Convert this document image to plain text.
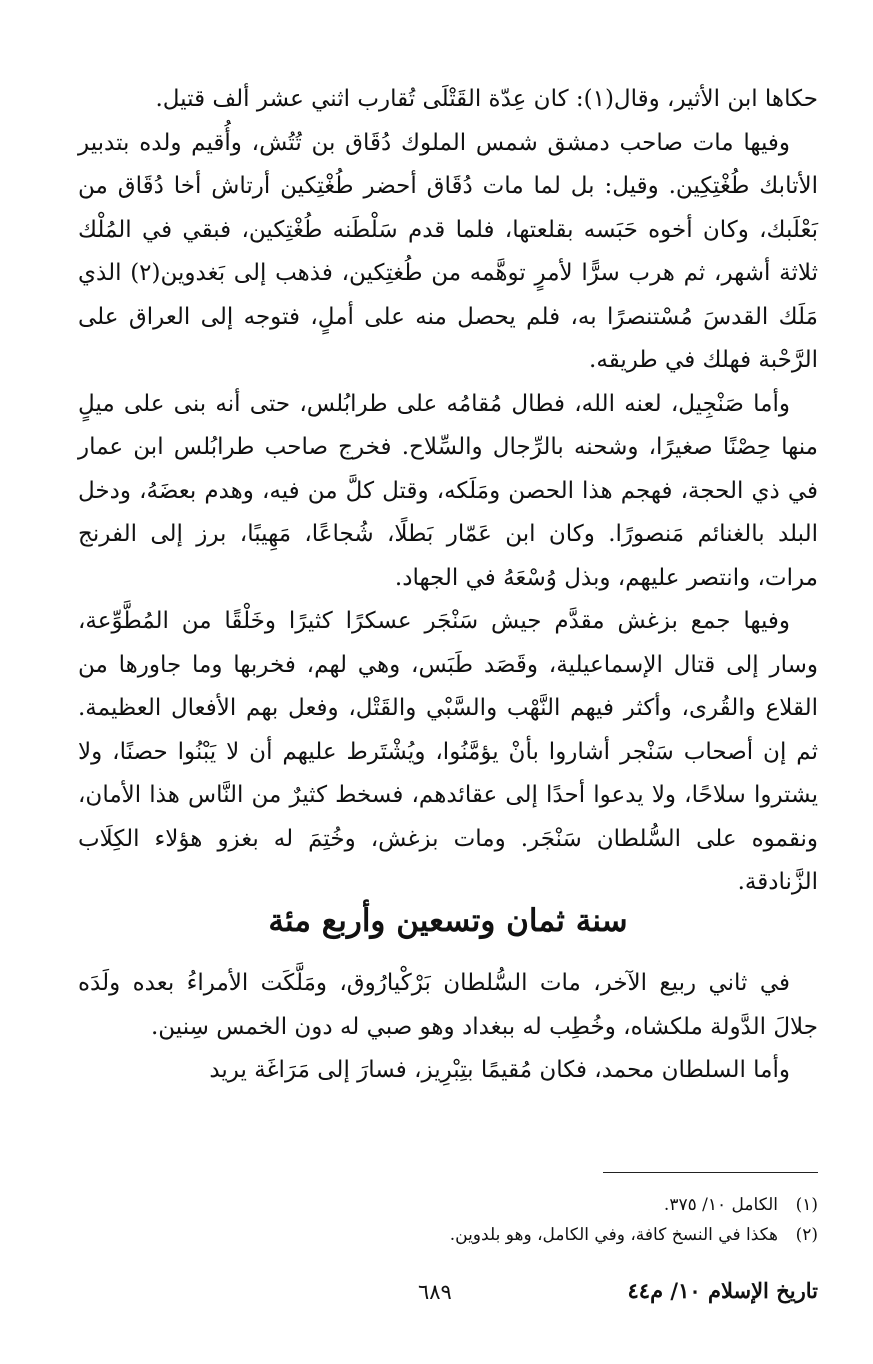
حكاها ابن الأثير، وقال(١): كان عِدّة القَتْلَى تُقارب اثني عشر ألف قتيل.

وفيها مات صاحب دمشق شمس الملوك دُقَاق بن تُتُش، وأُقيم ولده بتدبير الأتابك طُغْتِكِين. وقيل: بل لما مات دُقَاق أحضر طُغْتِكين أرتاش أخا دُقَاق من بَعْلَبك، وكان أخوه حَبَسه بقلعتها، فلما قدم سَلْطَنه طُغْتِكين، فبقي في المُلْك ثلاثة أشهر، ثم هرب سرًّا لأمرٍ توهَّمه من طُغتِكين، فذهب إلى بَغدوين(٢) الذي مَلَك القدسَ مُسْتنصرًا به، فلم يحصل منه على أملٍ، فتوجه إلى العراق على الرَّحْبة فهلك في طريقه.

وأما صَنْجِيل، لعنه الله، فطال مُقامُه على طرابُلس، حتى أنه بنى على ميلٍ منها حِصْنًا صغيرًا، وشحنه بالرِّجال والسِّلاح. فخرج صاحب طرابُلس ابن عمار في ذي الحجة، فهجم هذا الحصن ومَلَكه، وقتل كلَّ من فيه، وهدم بعضَهُ، ودخل البلد بالغنائم مَنصورًا. وكان ابن عَمّار بَطلًا، شُجاعًا، مَهِيبًا، برز إلى الفرنج مرات، وانتصر عليهم، وبذل وُسْعَهُ في الجهاد.

وفيها جمع بزغش مقدَّم جيش سَنْجَر عسكرًا كثيرًا وخَلْقًا من المُطَّوِّعة، وسار إلى قتال الإسماعيلية، وقَصَد طَبَس، وهي لهم، فخربها وما جاورها من القلاع والقُرى، وأكثر فيهم النَّهْب والسَّبْي والقَتْل، وفعل بهم الأفعال العظيمة. ثم إن أصحاب سَنْجر أشاروا بأنْ يؤمَّنُوا، ويُشْتَرط عليهم أن لا يَبْنُوا حصنًا، ولا يشتروا سلاحًا، ولا يدعوا أحدًا إلى عقائدهم، فسخط كثيرٌ من النَّاس هذا الأمان، ونقموه على السُّلطان سَنْجَر. ومات بزغش، وخُتِمَ له بغزو هؤلاء الكِلَاب الزَّنادقة.

سنة ثمان وتسعين وأربع مئة

في ثاني ربيع الآخر، مات السُّلطان بَرْكْيارُوق، ومَلَّكَت الأمراءُ بعده ولَدَه جلالَ الدَّولة ملكشاه، وخُطِب له ببغداد وهو صبي له دون الخمس سِنين.

وأما السلطان محمد، فكان مُقيمًا بتِبْرِيز، فسارَ إلى مَرَاغَة يريد

(١)الكامل ١٠/ ٣٧٥.
(٢)هكذا في النسخ كافة، وفي الكامل، وهو بلدوين.
تاريخ الإسلام ١٠/ م٤٤
٦٨٩
